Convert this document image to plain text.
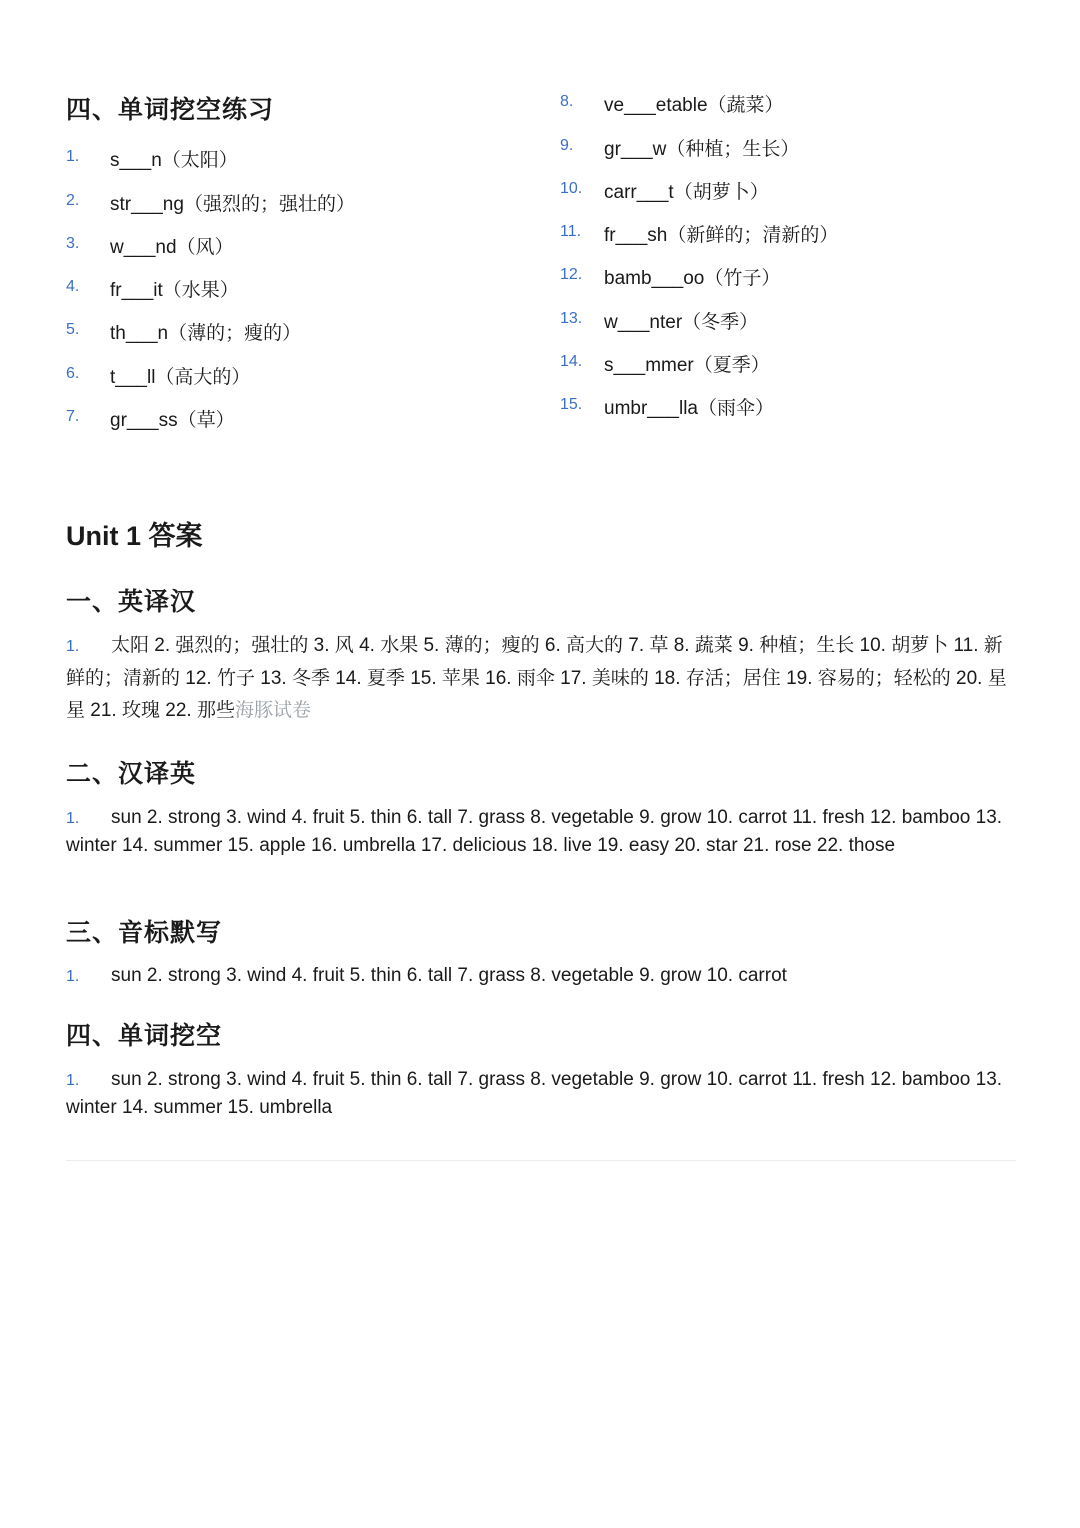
四、单词挖空练习
1. s___n（太阳）
2. str___ng（强烈的；强壮的）
3. w___nd（风）
4. fr___it（水果）
5. th___n（薄的；瘦的）
6. t___ll（高大的）
7. gr___ss（草）
8. ve___etable（蔬菜）
9. gr___w（种植；生长）
10. carr___t（胡萝卜）
11. fr___sh（新鲜的；清新的）
12. bamb___oo（竹子）
13. w___nter（冬季）
14. s___mmer（夏季）
15. umbr___lla（雨伞）
Unit 1 答案
一、英译汉
1. 太阳 2. 强烈的；强壮的 3. 风 4. 水果 5. 薄的；瘦的 6. 高大的 7. 草 8. 蔬菜 9. 种植；生长 10. 胡萝卜 11. 新鲜的；清新的 12. 竹子 13. 冬季 14. 夏季 15. 苹果 16. 雨伞 17. 美味的 18. 存活；居住 19. 容易的；轻松的 20. 星星 21. 玫瑰 22. 那些海豚试卷
二、汉译英
1. sun 2. strong 3. wind 4. fruit 5. thin 6. tall 7. grass 8. vegetable 9. grow 10. carrot 11. fresh 12. bamboo 13. winter 14. summer 15. apple 16. umbrella 17. delicious 18. live 19. easy 20. star 21. rose 22. those
三、音标默写
1. sun 2. strong 3. wind 4. fruit 5. thin 6. tall 7. grass 8. vegetable 9. grow 10. carrot
四、单词挖空
1. sun 2. strong 3. wind 4. fruit 5. thin 6. tall 7. grass 8. vegetable 9. grow 10. carrot 11. fresh 12. bamboo 13. winter 14. summer 15. umbrella
